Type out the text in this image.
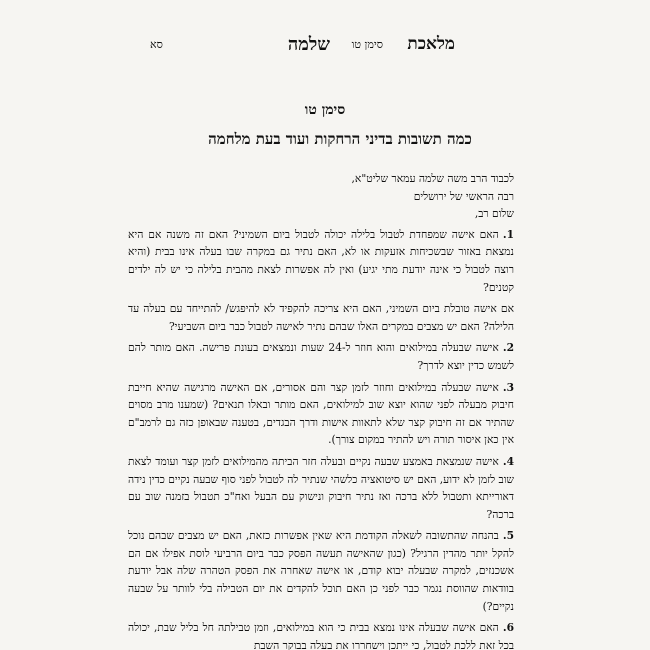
מלאכת
שלמה סימן טו
סא
סימן טו
כמה תשובות בדיני הרחקות ועוד בעת מלחמה
לכבוד הרב משה שלמה עמאר שליט"א,
רבה הראשי של ירושלים
שלום רב,

1.האם אישה שמפחדת לטבול בלילה יכולה לטבול ביום השמיני? האם זה משנה אם היא נמצאת באזור שבשכיחות אזעקות או לא, האם נתיר גם במקרה שבו בעלה אינו בבית (והיא רוצה לטבול כי אינה יודעת מתי יגיע) ואין לה אפשרות לצאת מהבית בלילה כי יש לה ילדים קטנים?

אם אישה טובלת ביום השמיני, האם היא צריכה להקפיד לא להיפגש/ להתייחד עם בעלה עד הלילה? האם יש מצבים במקרים האלו שבהם נתיר לאישה לטבול כבר ביום השביעי?

2.אישה שבעלה במילואים והוא חוזר ל-24 שעות ונמצאים בעונת פרישה. האם מותר להם לשמש כדין יוצא לדרך?

3.אישה שבעלה במילואים וחוזר לזמן קצר והם אסורים, אם האישה מרגישה שהיא חייבת חיבוק מבעלה לפני שהוא יוצא שוב למילואים, האם מותר ובאלו תנאים? (שמענו מרב מסוים שהתיר אם זה חיבוק קצר שלא לתאוות אישות ודרך הבגדים, בטענה שבאופן כזה גם לרמב"ם אין כאן איסור תורה ויש להתיר במקום צורך).

4.אישה שנמצאת באמצע שבעה נקיים ובעלה חזר הביתה מהמילואים לזמן קצר ועומד לצאת שוב לזמן לא ידוע, האם יש סיטואציה כלשהי שנתיר לה לטבול לפני סוף שבעה נקיים כדין נידה דאורייתא ותטבול ללא ברכה ואז נתיר חיבוק ונישוק עם הבעל ואח"כ תטבול בזמנה שוב עם ברכה?

5.בהנחה שהתשובה לשאלה הקודמת היא שאין אפשרות כזאת, האם יש מצבים שבהם נוכל להקל יותר מהדין הרגיל? (כגון שהאישה תעשה הפסק כבר ביום הרביעי לוסת אפילו אם הם אשכנזים, למקרה שבעלה יבוא קודם, או אישה שאחרה את הפסק הטהרה שלה אבל יודעת בוודאות שהווסת נגמר כבר לפני כן האם תוכל להקדים את יום הטבילה בלי לוותר על שבעה נקיים?)

6.האם אישה שבעלה אינו נמצא בבית כי הוא במילואים, וזמן טבילתה חל בליל שבת, יכולה בכל זאת ללכת לטבול, כי ייתכן וישחררו את בעלה בבוקר השבת
